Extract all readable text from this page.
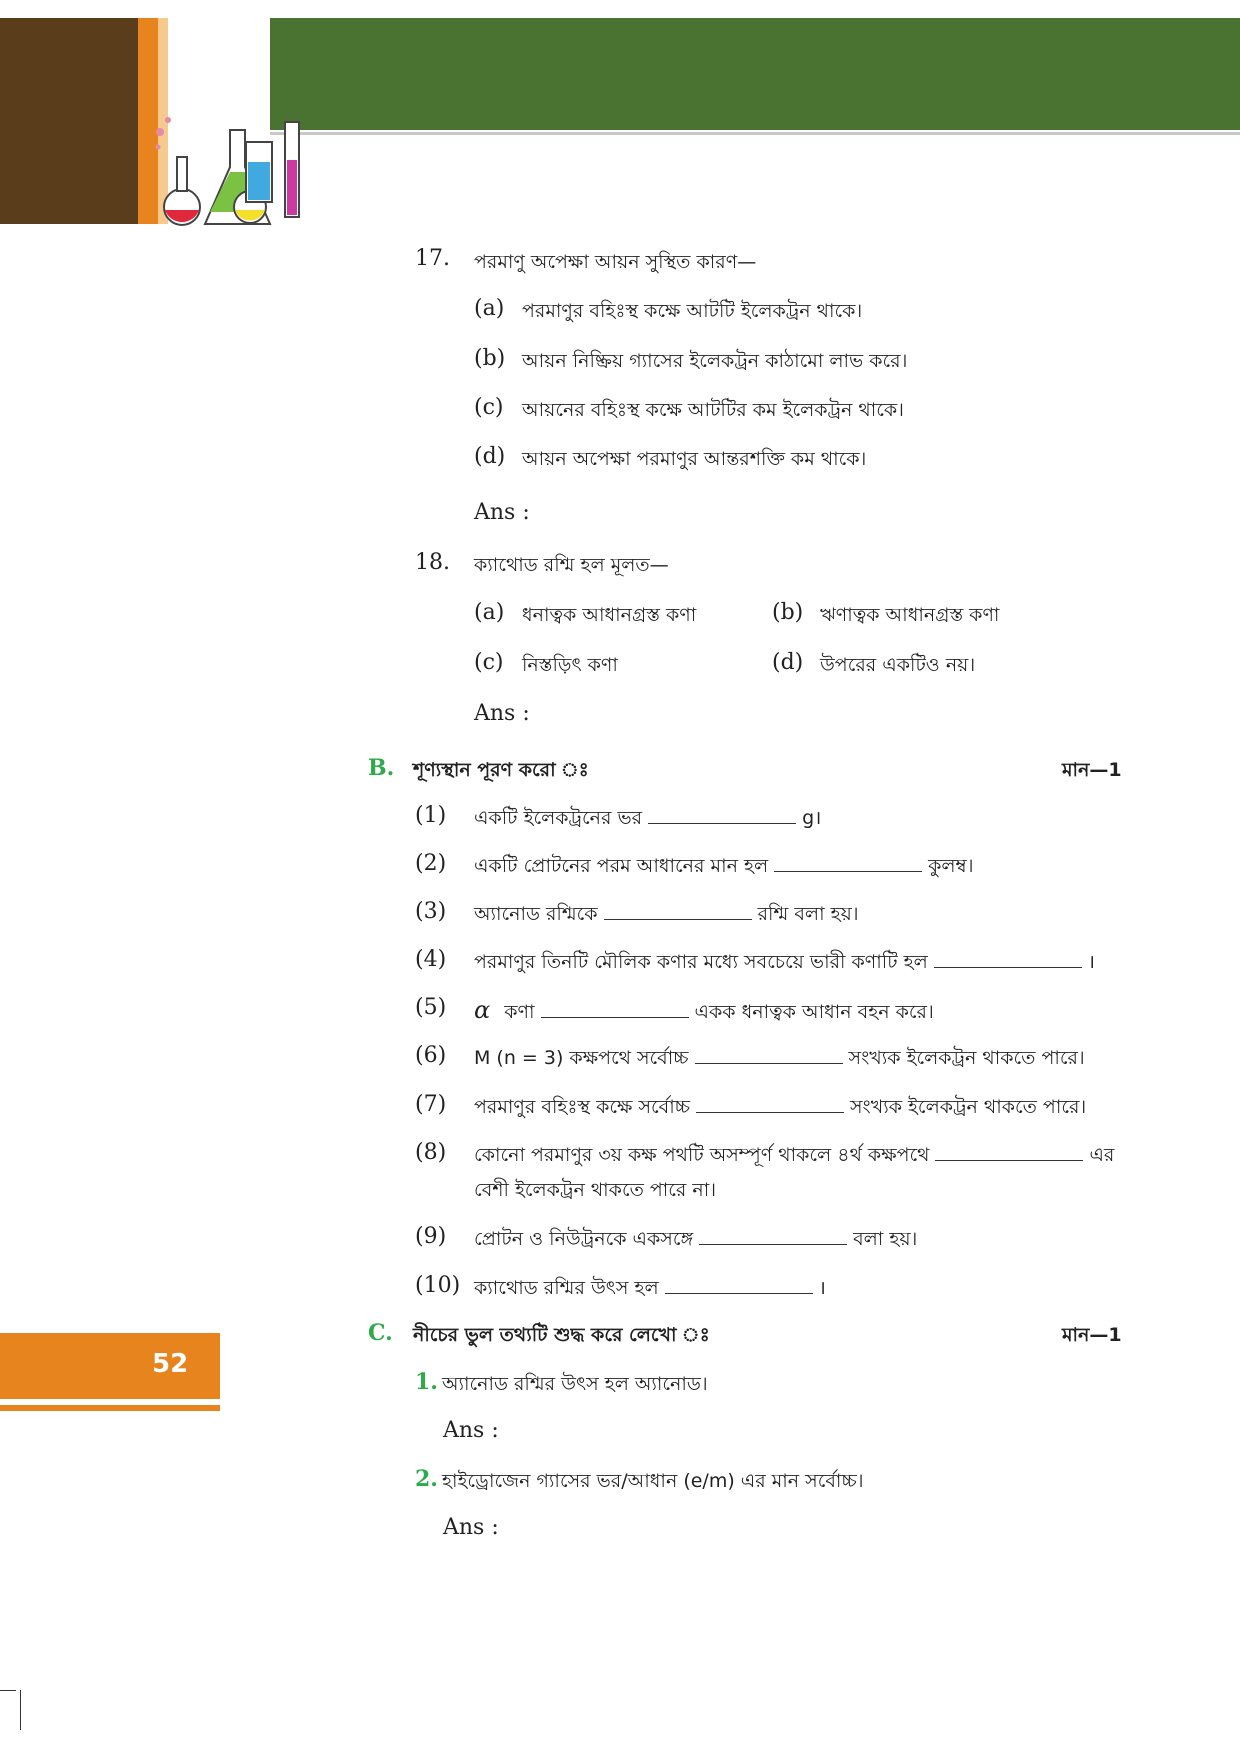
17. পরমাণু অপেক্ষা আয়ন সুস্থিত কারণ—
(a) পরমাণুর বহিঃস্থ কক্ষে আটটি ইলেকট্রন থাকে।
(b) আয়ন নিষ্ক্রিয় গ্যাসের ইলেকট্রন কাঠামো লাভ করে।
(c) আয়নের বহিঃস্থ কক্ষে আটটির কম ইলেকট্রন থাকে।
(d) আয়ন অপেক্ষা পরমাণুর আন্তরশক্তি কম থাকে।
Ans :
18. ক্যাথোড রশ্মি হল মূলত—
(a) ধনাত্বক আধানগ্রস্ত কণা	(b) ঋণাত্বক আধানগ্রস্ত কণা
(c) নিস্তড়িৎ কণা	(d) উপরের একটিও নয়।
Ans :
B. শূণ্যস্থান পূরণ করো ঃ	মান—1
(1) একটি ইলেকট্রনের ভর	g।
(2) একটি প্রোটনের পরম আধানের মান হল	কুলম্ব।
(3) অ্যানোড রশ্মিকে	রশ্মি বলা হয়।
(4) পরমাণুর তিনটি মৌলিক কণার মধ্যে সবচেয়ে ভারী কণাটি হল	।
(5) α কণা	একক ধনাত্বক আধান বহন করে।
(6) M (n = 3) কক্ষপথে সর্বোচ্চ	সংখ্যক ইলেকট্রন থাকতে পারে।
(7) পরমাণুর বহিঃস্থ কক্ষে সর্বোচ্চ	সংখ্যক ইলেকট্রন থাকতে পারে।
(8) কোনো পরমাণুর ৩য় কক্ষ পথটি অসম্পূর্ণ থাকলে ৪র্থ কক্ষপথে	এর
বেশী ইলেকট্রন থাকতে পারে না।
(9) প্রোটন ও নিউট্রনকে একসঙ্গে	বলা হয়।
(10) ক্যাথোড রশ্মির উৎস হল	।
C. নীচের ভুল তথ্যটি শুদ্ধ করে লেখো ঃ	মান—1
1. অ্যানোড রশ্মির উৎস হল অ্যানোড।
Ans :
2. হাইড্রোজেন গ্যাসের ভর/আধান (e/m) এর মান সর্বোচ্চ।
Ans :
52
